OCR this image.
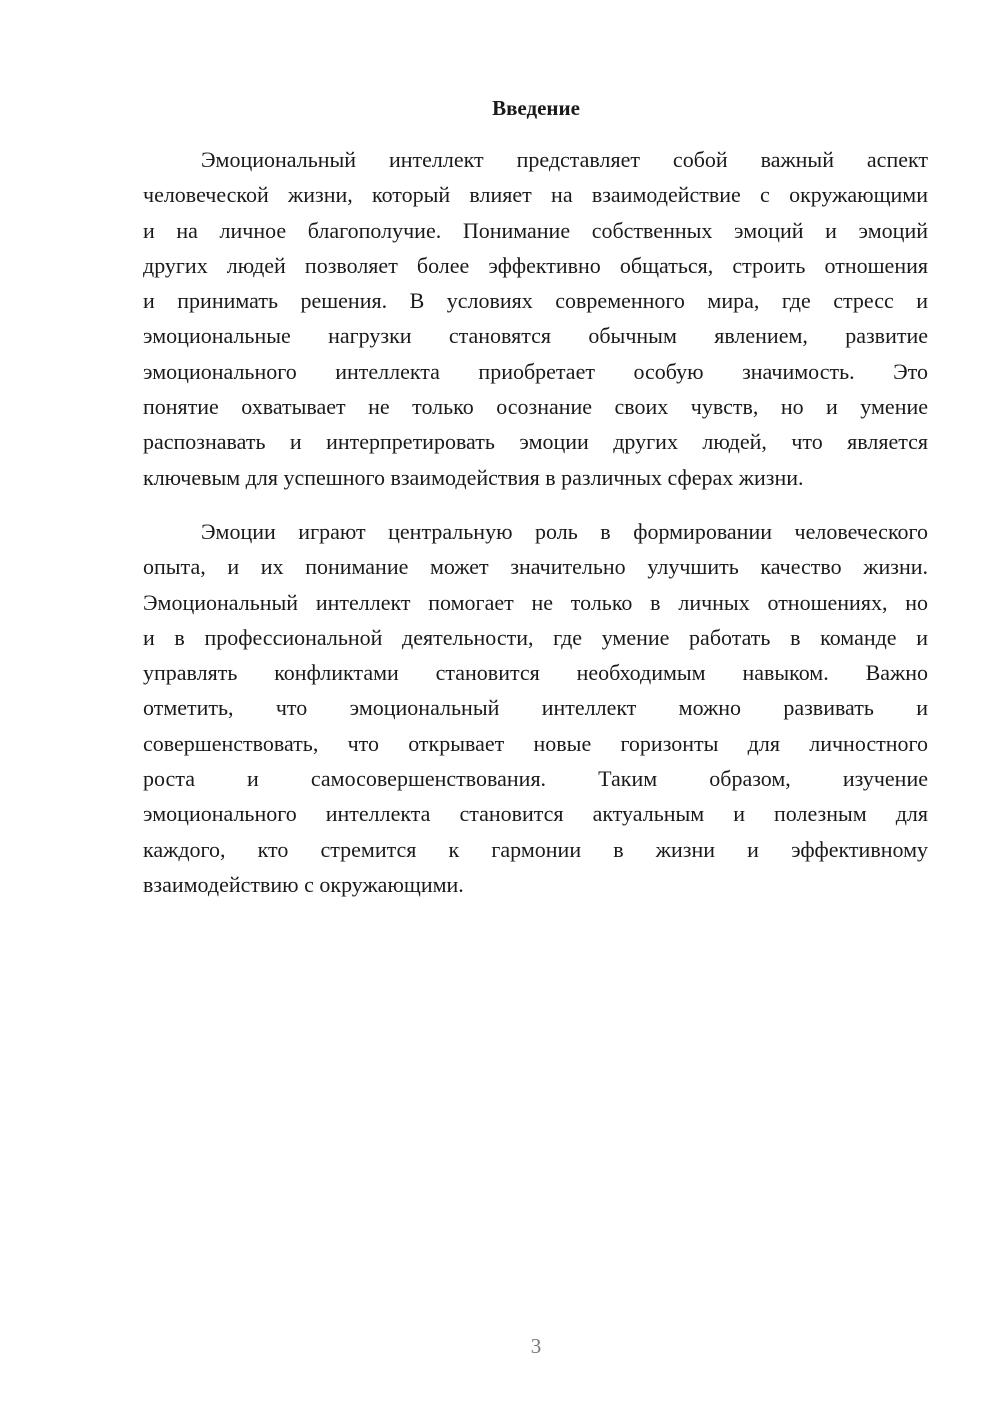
Введение
Эмоциональный интеллект представляет собой важный аспект
человеческой жизни, который влияет на взаимодействие с окружающими
и на личное благополучие. Понимание собственных эмоций и эмоций
других людей позволяет более эффективно общаться, строить отношения
и принимать решения. В условиях современного мира, где стресс и
эмоциональные нагрузки становятся обычным явлением, развитие
эмоционального интеллекта приобретает особую значимость. Это
понятие охватывает не только осознание своих чувств, но и умение
распознавать и интерпретировать эмоции других людей, что является
ключевым для успешного взаимодействия в различных сферах жизни.
Эмоции играют центральную роль в формировании человеческого
опыта, и их понимание может значительно улучшить качество жизни.
Эмоциональный интеллект помогает не только в личных отношениях, но
и в профессиональной деятельности, где умение работать в команде и
управлять конфликтами становится необходимым навыком. Важно
отметить, что эмоциональный интеллект можно развивать и
совершенствовать, что открывает новые горизонты для личностного
роста и самосовершенствования. Таким образом, изучение
эмоционального интеллекта становится актуальным и полезным для
каждого, кто стремится к гармонии в жизни и эффективному
взаимодействию с окружающими.
3
